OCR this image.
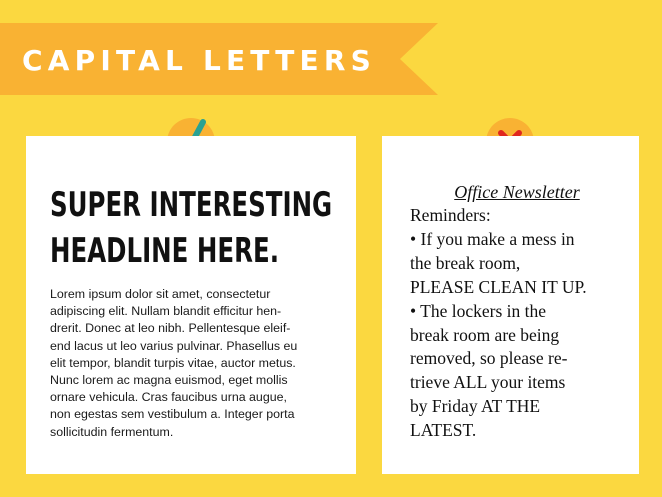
CAPITAL LETTERS
SUPER INTERESTING
HEADLINE HERE.
Lorem ipsum dolor sit amet, consectetur
adipiscing elit. Nullam blandit efficitur hen-
drerit. Donec at leo nibh. Pellentesque eleif-
end lacus ut leo varius pulvinar. Phasellus eu
elit tempor, blandit turpis vitae, auctor metus.
Nunc lorem ac magna euismod, eget mollis
ornare vehicula. Cras faucibus urna augue,
non egestas sem vestibulum a. Integer porta
sollicitudin fermentum.
Office Newsletter
Reminders:
• If you make a mess in
the break room,
PLEASE CLEAN IT UP.
• The lockers in the
break room are being
removed, so please re-
trieve ALL your items
by Friday AT THE
LATEST.
